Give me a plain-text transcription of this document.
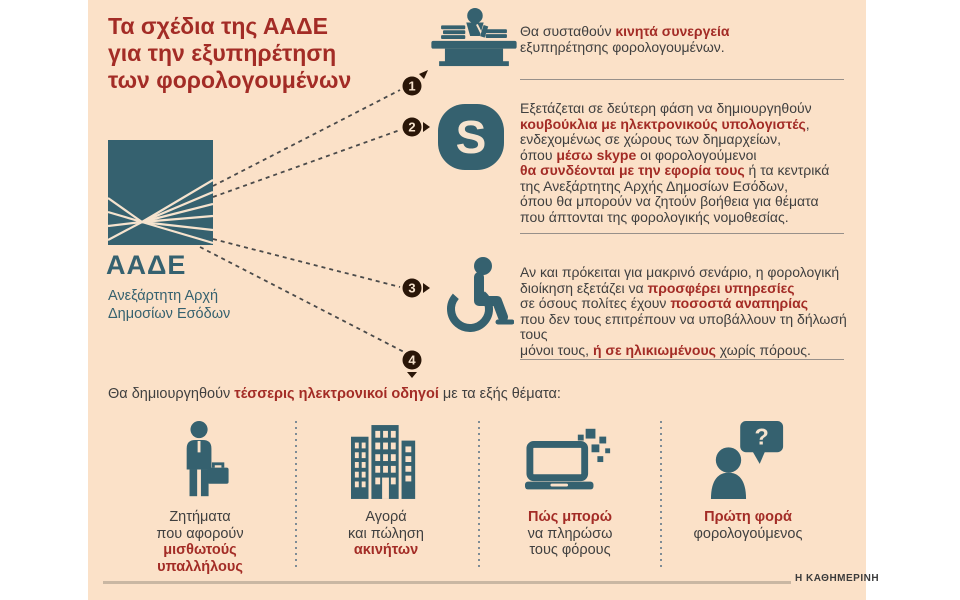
Τα σχέδια της ΑΑΔΕ
για την εξυπηρέτηση
των φορολογουμένων
ΑΑΔΕ
Ανεξάρτητη Αρχή
Δημοσίων Εσόδων
1
2
3
4
Θα συσταθούν κινητά συνεργεία
εξυπηρέτησης φορολογουμένων.
S
Εξετάζεται σε δεύτερη φάση να δημιουργηθούν
κουβούκλια με ηλεκτρονικούς υπολογιστές,
ενδεχομένως σε χώρους των δημαρχείων,
όπου μέσω skype οι φορολογούμενοι
θα συνδέονται με την εφορία τους ή τα κεντρικά
της Ανεξάρτητης Αρχής Δημοσίων Εσόδων,
όπου θα μπορούν να ζητούν βοήθεια για θέματα
που άπτονται της φορολογικής νομοθεσίας.
Αν και πρόκειται για μακρινό σενάριο, η φορολογική
διοίκηση εξετάζει να προσφέρει υπηρεσίες
σε όσους πολίτες έχουν ποσοστά αναπηρίας
που δεν τους επιτρέπουν να υποβάλλουν τη δήλωσή τους
μόνοι τους, ή σε ηλικιωμένους χωρίς πόρους.
Θα δημιουργηθούν τέσσερις ηλεκτρονικοί οδηγοί με τα εξής θέματα:
Ζητήματα
που αφορούν
μισθωτούς
υπαλλήλους
Αγορά
και πώληση
ακινήτων
Πώς μπορώ
να πληρώσω
τους φόρους
?
Πρώτη φορά
φορολογούμενος
Η ΚΑΘΗΜΕΡΙΝΗ
